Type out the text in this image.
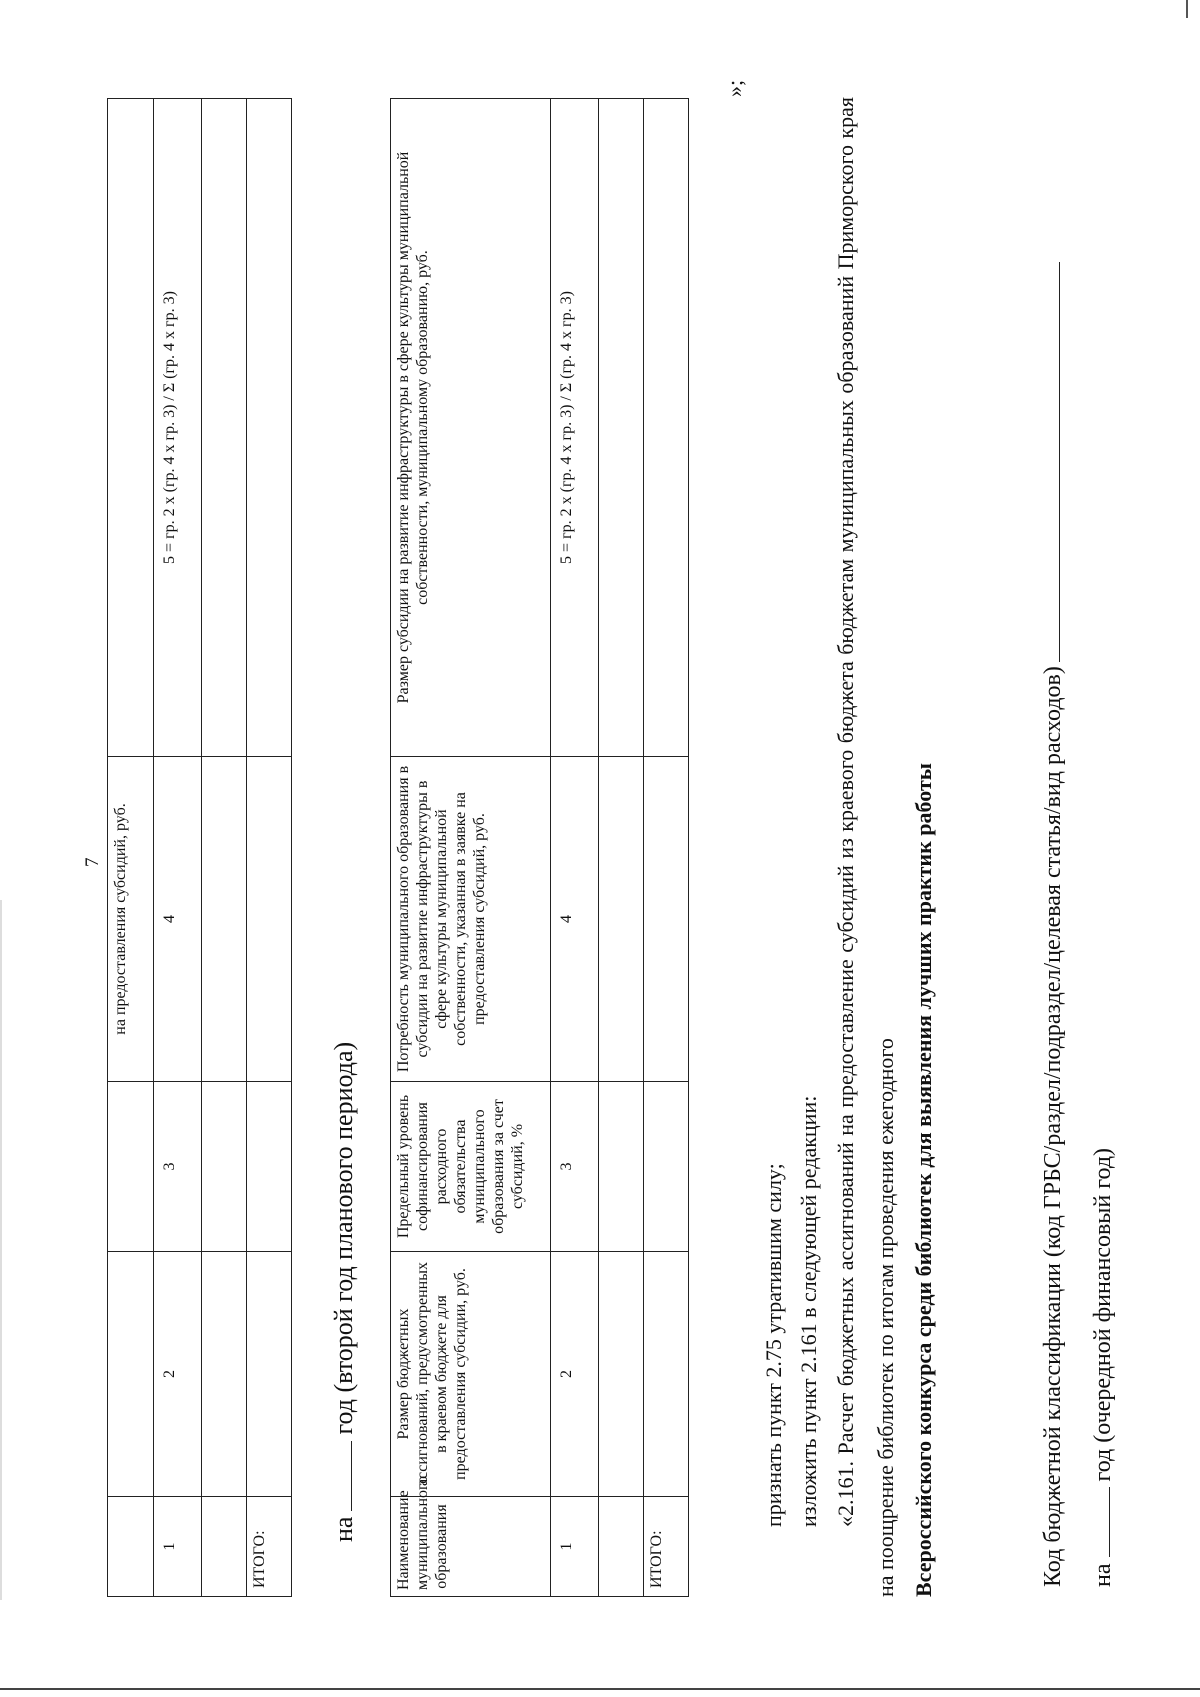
7
			на предоставления субсидий, руб.	
1	2	3	4	5 = гр. 2 x (гр. 4 x гр. 3) / Σ (гр. 4 x гр. 3)

ИТОГО:				
нагод (второй год планового периода)
Наименование муниципального образования	Размер бюджетных ассигнований, предусмотренных в краевом бюджете для предоставления субсидии, руб.	Предельный уровень софинансирования расходного обязательства муниципального образования за счет субсидий, %	Потребность муниципального образования в субсидии на развитие инфраструктуры в сфере культуры муниципальной собственности, указанная в заявке на предоставления субсидий, руб.	Размер субсидии на развитие инфраструктуры в сфере культуры муниципальной собственности, муниципальному образованию, руб.
1	2	3	4	5 = гр. 2 x (гр. 4 x гр. 3) / Σ (гр. 4 x гр. 3)

ИТОГО:				
»;
признать пункт 2.75 утратившим силу; изложить пункт 2.161 в следующей редакции: «2.161. Расчет бюджетных ассигнований на предоставление субсидий из краевого бюджета бюджетам муниципальных образований Приморского края на поощрение библиотек по итогам проведения ежегодного Всероссийского конкурса среди библиотек для выявления лучших практик работы	Код бюджетной классификации (код ГРБС/раздел/подраздел/целевая статья/вид расходов) нагод (очередной финансовый год)
